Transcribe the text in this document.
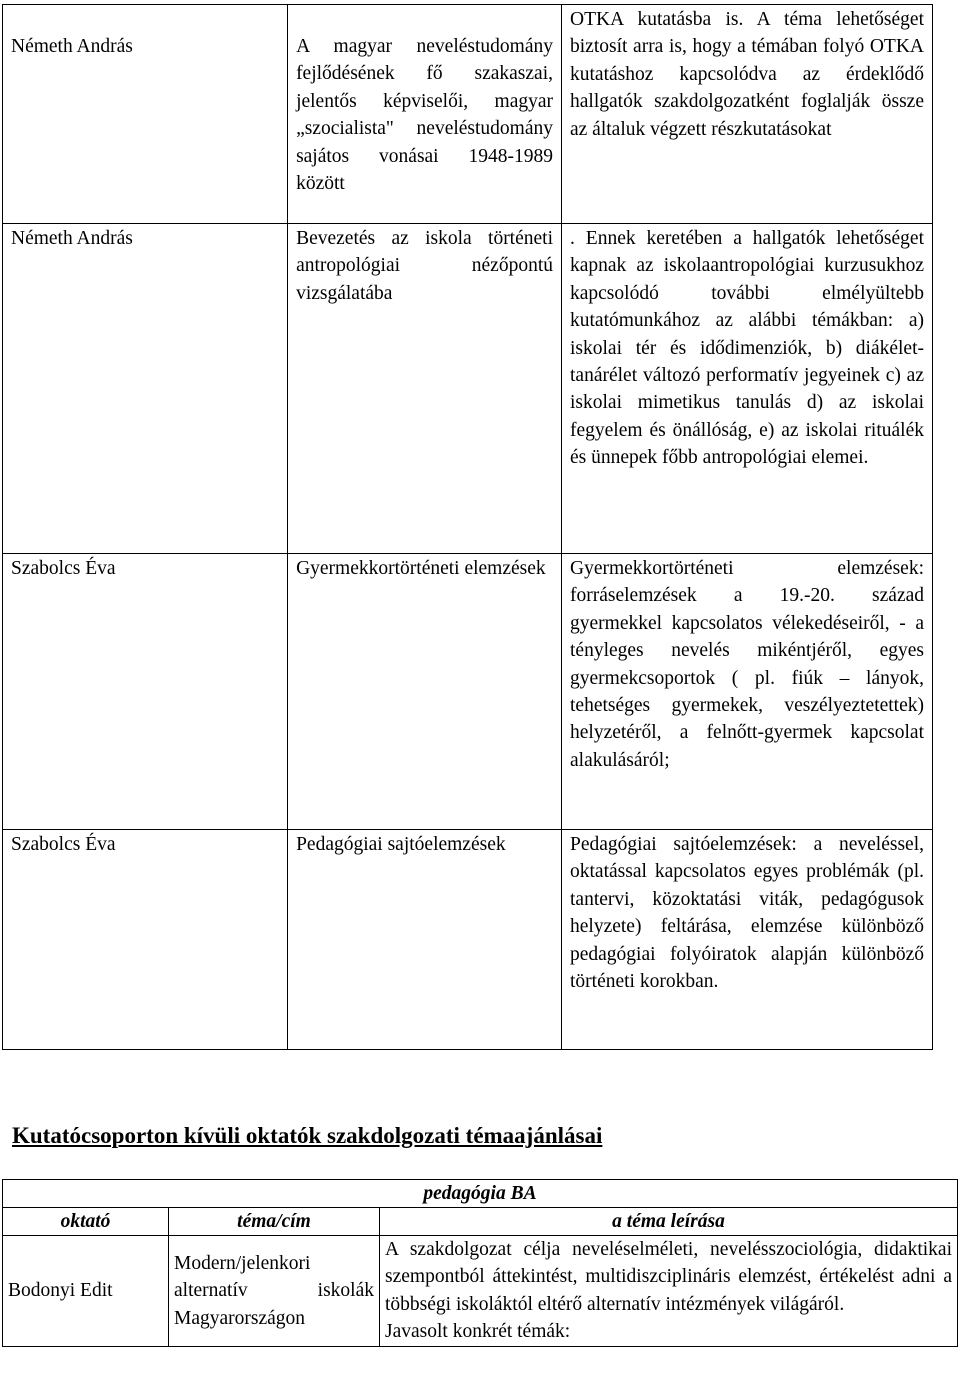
Németh András	A magyar neveléstudomány fejlődésének fő szakaszai, jelentős képviselői, magyar „szocialista" neveléstudomány sajátos vonásai 1948-1989 között	OTKA kutatásba is. A téma lehetőséget biztosít arra is, hogy a témában folyó OTKA kutatáshoz kapcsolódva az érdeklődő hallgatók szakdolgozatként foglalják össze az általuk végzett részkutatásokat
Németh András	Bevezetés az iskola történeti antropológiai nézőpontú vizsgálatába	. Ennek keretében a hallgatók lehetőséget kapnak az iskolaantropológiai kurzusukhoz kapcsolódó további elmélyültebb kutatómunkához az alábbi témákban: a) iskolai tér és idődimenziók, b) diákélet-tanárélet változó performatív jegyeinek c) az iskolai mimetikus tanulás d) az iskolai fegyelem és önállóság, e) az iskolai rituálék és ünnepek főbb antropológiai elemei.
Szabolcs Éva	Gyermekkortörténeti elemzések	Gyermekkortörténeti elemzések: forráselemzések a 19.-20. század gyermekkel kapcsolatos vélekedéseiről, - a tényleges nevelés mikéntjéről, egyes gyermekcsoportok ( pl. fiúk – lányok, tehetséges gyermekek, veszélyeztetettek) helyzetéről, a felnőtt-gyermek kapcsolat alakulásáról;
Szabolcs Éva	Pedagógiai sajtóelemzések	Pedagógiai sajtóelemzések: a neveléssel, oktatással kapcsolatos egyes problémák (pl. tantervi, közoktatási viták, pedagógusok helyzete) feltárása, elemzése különböző pedagógiai folyóiratok alapján különböző történeti korokban.
Kutatócsoporton kívüli oktatók szakdolgozati témaajánlásai
pedagógia BA		
oktató	téma/cím	a téma leírása
Bodonyi Edit	Modern/jelenkori alternatív iskolák Magyarországon	A szakdolgozat célja neveléselméleti, nevelésszociológia, didaktikai szempontból áttekintést, multidiszciplináris elemzést, értékelést adni a többségi iskoláktól eltérő alternatív intézmények világáról.
Javasolt konkrét témák:
